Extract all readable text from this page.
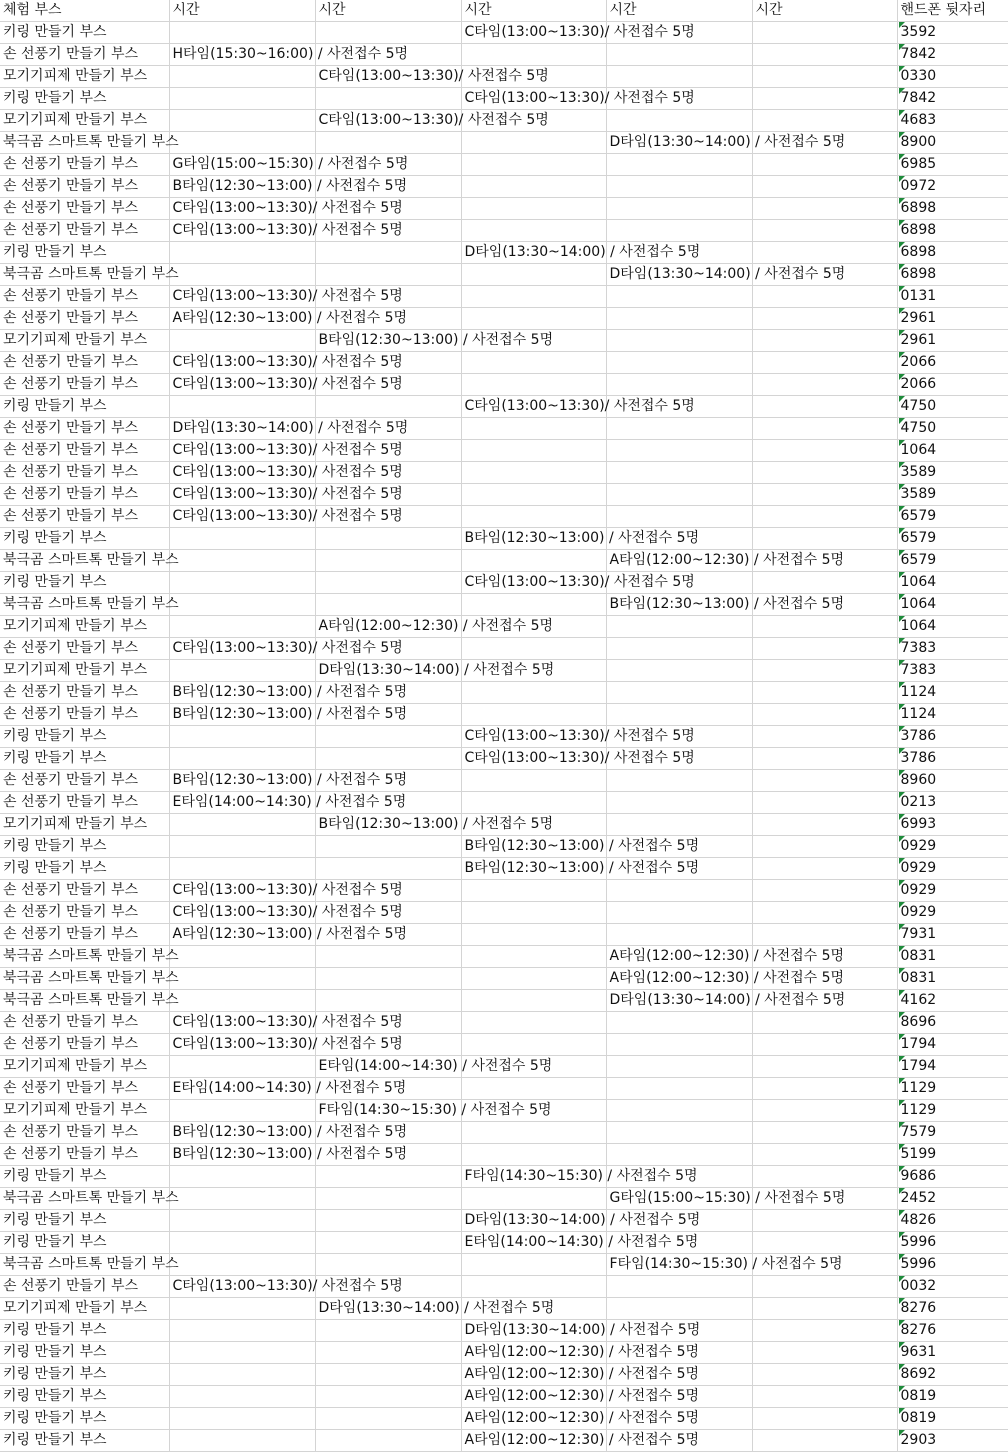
체험 부스	시간	시간	시간	시간	시간	핸드폰 뒷자리
키링 만들기 부스			C타임(13:00~13:30)/ 사전접수 5명			3592
손 선풍기 만들기 부스	H타임(15:30~16:00) / 사전접수 5명					7842
모기기피제 만들기 부스		C타임(13:00~13:30)/ 사전접수 5명				0330
키링 만들기 부스			C타임(13:00~13:30)/ 사전접수 5명			7842
모기기피제 만들기 부스		C타임(13:00~13:30)/ 사전접수 5명				4683
북극곰 스마트톡 만들기 부스				D타임(13:30~14:00) / 사전접수 5명		8900
손 선풍기 만들기 부스	G타임(15:00~15:30) / 사전접수 5명					6985
손 선풍기 만들기 부스	B타임(12:30~13:00) / 사전접수 5명					0972
손 선풍기 만들기 부스	C타임(13:00~13:30)/ 사전접수 5명					6898
손 선풍기 만들기 부스	C타임(13:00~13:30)/ 사전접수 5명					6898
키링 만들기 부스			D타임(13:30~14:00) / 사전접수 5명			6898
북극곰 스마트톡 만들기 부스				D타임(13:30~14:00) / 사전접수 5명		6898
손 선풍기 만들기 부스	C타임(13:00~13:30)/ 사전접수 5명					0131
손 선풍기 만들기 부스	A타임(12:30~13:00) / 사전접수 5명					2961
모기기피제 만들기 부스		B타임(12:30~13:00) / 사전접수 5명				2961
손 선풍기 만들기 부스	C타임(13:00~13:30)/ 사전접수 5명					2066
손 선풍기 만들기 부스	C타임(13:00~13:30)/ 사전접수 5명					2066
키링 만들기 부스			C타임(13:00~13:30)/ 사전접수 5명			4750
손 선풍기 만들기 부스	D타임(13:30~14:00) / 사전접수 5명					4750
손 선풍기 만들기 부스	C타임(13:00~13:30)/ 사전접수 5명					1064
손 선풍기 만들기 부스	C타임(13:00~13:30)/ 사전접수 5명					3589
손 선풍기 만들기 부스	C타임(13:00~13:30)/ 사전접수 5명					3589
손 선풍기 만들기 부스	C타임(13:00~13:30)/ 사전접수 5명					6579
키링 만들기 부스			B타임(12:30~13:00) / 사전접수 5명			6579
북극곰 스마트톡 만들기 부스				A타임(12:00~12:30) / 사전접수 5명		6579
키링 만들기 부스			C타임(13:00~13:30)/ 사전접수 5명			1064
북극곰 스마트톡 만들기 부스				B타임(12:30~13:00) / 사전접수 5명		1064
모기기피제 만들기 부스		A타임(12:00~12:30) / 사전접수 5명				1064
손 선풍기 만들기 부스	C타임(13:00~13:30)/ 사전접수 5명					7383
모기기피제 만들기 부스		D타임(13:30~14:00) / 사전접수 5명				7383
손 선풍기 만들기 부스	B타임(12:30~13:00) / 사전접수 5명					1124
손 선풍기 만들기 부스	B타임(12:30~13:00) / 사전접수 5명					1124
키링 만들기 부스			C타임(13:00~13:30)/ 사전접수 5명			3786
키링 만들기 부스			C타임(13:00~13:30)/ 사전접수 5명			3786
손 선풍기 만들기 부스	B타임(12:30~13:00) / 사전접수 5명					8960
손 선풍기 만들기 부스	E타임(14:00~14:30) / 사전접수 5명					0213
모기기피제 만들기 부스		B타임(12:30~13:00) / 사전접수 5명				6993
키링 만들기 부스			B타임(12:30~13:00) / 사전접수 5명			0929
키링 만들기 부스			B타임(12:30~13:00) / 사전접수 5명			0929
손 선풍기 만들기 부스	C타임(13:00~13:30)/ 사전접수 5명					0929
손 선풍기 만들기 부스	C타임(13:00~13:30)/ 사전접수 5명					0929
손 선풍기 만들기 부스	A타임(12:30~13:00) / 사전접수 5명					7931
북극곰 스마트톡 만들기 부스				A타임(12:00~12:30) / 사전접수 5명		0831
북극곰 스마트톡 만들기 부스				A타임(12:00~12:30) / 사전접수 5명		0831
북극곰 스마트톡 만들기 부스				D타임(13:30~14:00) / 사전접수 5명		4162
손 선풍기 만들기 부스	C타임(13:00~13:30)/ 사전접수 5명					8696
손 선풍기 만들기 부스	C타임(13:00~13:30)/ 사전접수 5명					1794
모기기피제 만들기 부스		E타임(14:00~14:30) / 사전접수 5명				1794
손 선풍기 만들기 부스	E타임(14:00~14:30) / 사전접수 5명					1129
모기기피제 만들기 부스		F타임(14:30~15:30) / 사전접수 5명				1129
손 선풍기 만들기 부스	B타임(12:30~13:00) / 사전접수 5명					7579
손 선풍기 만들기 부스	B타임(12:30~13:00) / 사전접수 5명					5199
키링 만들기 부스			F타임(14:30~15:30) / 사전접수 5명			9686
북극곰 스마트톡 만들기 부스				G타임(15:00~15:30) / 사전접수 5명		2452
키링 만들기 부스			D타임(13:30~14:00) / 사전접수 5명			4826
키링 만들기 부스			E타임(14:00~14:30) / 사전접수 5명			5996
북극곰 스마트톡 만들기 부스				F타임(14:30~15:30) / 사전접수 5명		5996
손 선풍기 만들기 부스	C타임(13:00~13:30)/ 사전접수 5명					0032
모기기피제 만들기 부스		D타임(13:30~14:00) / 사전접수 5명				8276
키링 만들기 부스			D타임(13:30~14:00) / 사전접수 5명			8276
키링 만들기 부스			A타임(12:00~12:30) / 사전접수 5명			9631
키링 만들기 부스			A타임(12:00~12:30) / 사전접수 5명			8692
키링 만들기 부스			A타임(12:00~12:30) / 사전접수 5명			0819
키링 만들기 부스			A타임(12:00~12:30) / 사전접수 5명			0819
키링 만들기 부스			A타임(12:00~12:30) / 사전접수 5명			2903
